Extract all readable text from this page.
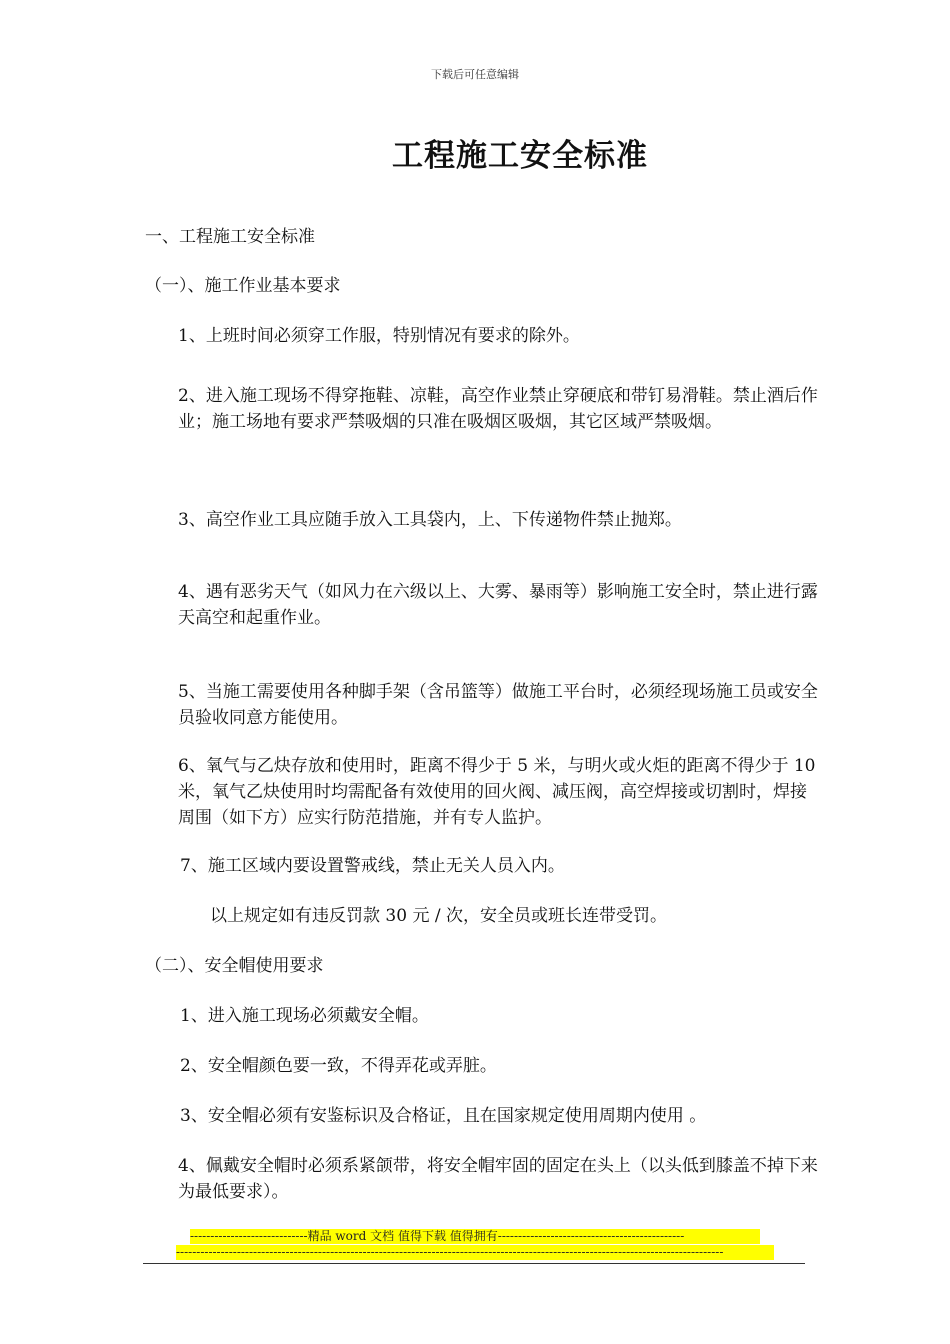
下载后可任意编辑
工程施工安全标准
一、工程施工安全标准
（一）、施工作业基本要求
1、上班时间必须穿工作服，特别情况有要求的除外。
2、进入施工现场不得穿拖鞋、凉鞋，高空作业禁止穿硬底和带钉易滑鞋。禁止酒后作业；施工场地有要求严禁吸烟的只准在吸烟区吸烟，其它区域严禁吸烟。
3、高空作业工具应随手放入工具袋内，上、下传递物件禁止抛郑。
4、遇有恶劣天气（如风力在六级以上、大雾、暴雨等）影响施工安全时，禁止进行露天高空和起重作业。
5、当施工需要使用各种脚手架（含吊篮等）做施工平台时，必须经现场施工员或安全员验收同意方能使用。
6、氧气与乙炔存放和使用时，距离不得少于 5 米，与明火或火炬的距离不得少于 10 米，氧气乙炔使用时均需配备有效使用的回火阀、减压阀，高空焊接或切割时，焊接周围（如下方）应实行防范措施，并有专人监护。
7、施工区域内要设置警戒线，禁止无关人员入内。
以上规定如有违反罚款 30 元 / 次，安全员或班长连带受罚。
（二）、安全帽使用要求
1、进入施工现场必须戴安全帽。
2、安全帽颜色要一致，不得弄花或弄脏。
3、安全帽必须有安鉴标识及合格证，且在国家规定使用周期内使用 。
4、佩戴安全帽时必须系紧颌带，将安全帽牢固的固定在头上（以头低到膝盖不掉下来为最低要求）。
-----------------------------精品 word 文档 值得下载 值得拥有----------------------------------------------
---------------------------------------------------------------------------------------------------------------------------------------
